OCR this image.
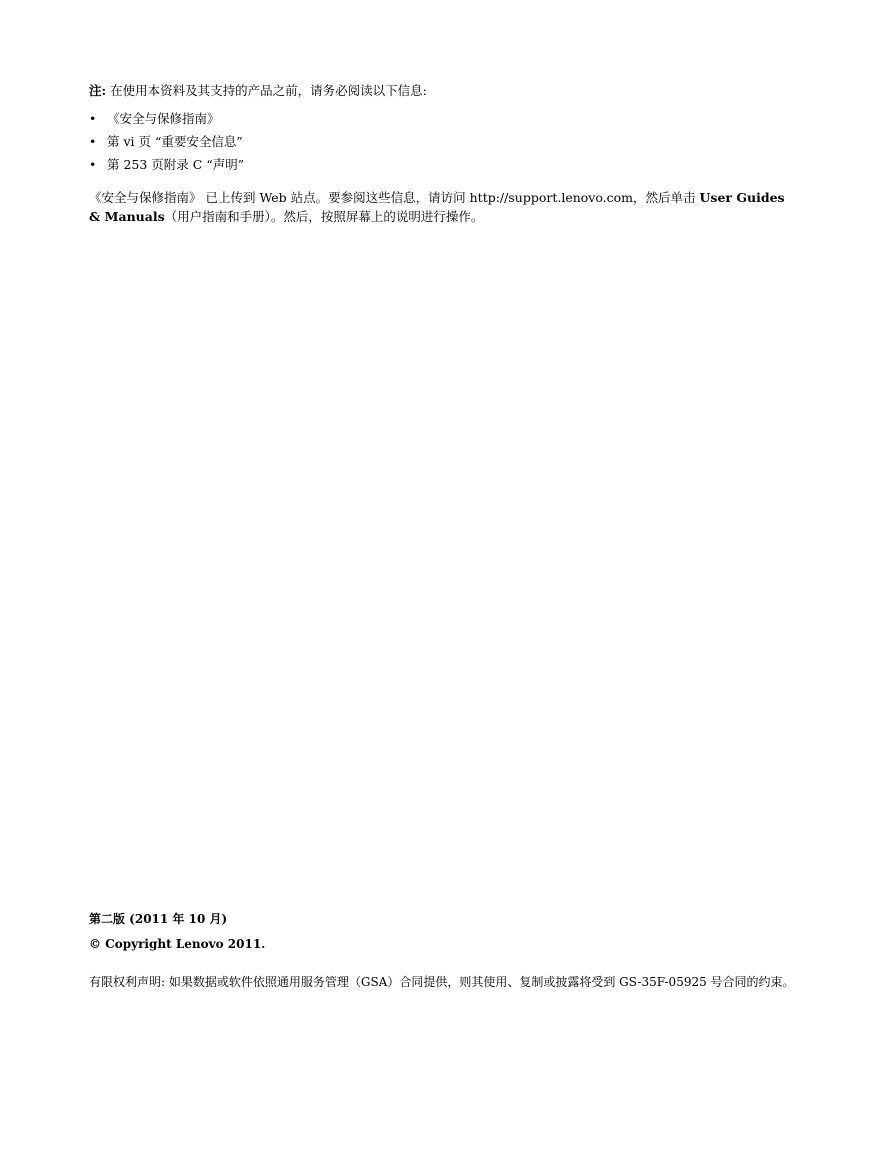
注: 在使用本资料及其支持的产品之前，请务必阅读以下信息:
• 《安全与保修指南》
• 第 vi 页 “重要安全信息”
• 第 253 页附录 C “声明”
《安全与保修指南》 已上传到 Web 站点。要参阅这些信息，请访问 http://support.lenovo.com，然后单击 User Guides & Manuals（用户指南和手册）。然后，按照屏幕上的说明进行操作。
第二版 (2011 年 10 月)
© Copyright Lenovo 2011.
有限权利声明: 如果数据或软件依照通用服务管理（GSA）合同提供，则其使用、复制或披露将受到 GS-35F-05925 号合同的约束。
